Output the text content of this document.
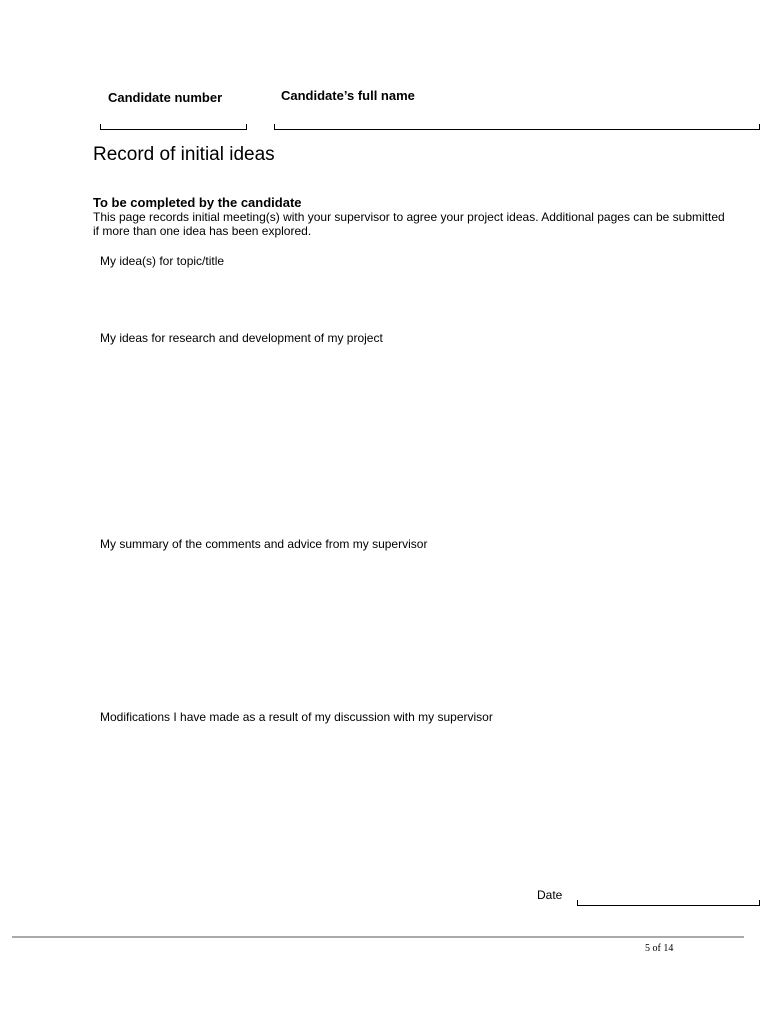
Candidate number	Candidate’s full name
Record of initial ideas
To be completed by the candidate
This page records initial meeting(s) with your supervisor to agree your project ideas. Additional pages can be submitted if more than one idea has been explored.
My idea(s) for topic/title
My ideas for research and development of my project
My summary of the comments and advice from my supervisor
Modifications I have made as a result of my discussion with my supervisor
Date
5 of 14
